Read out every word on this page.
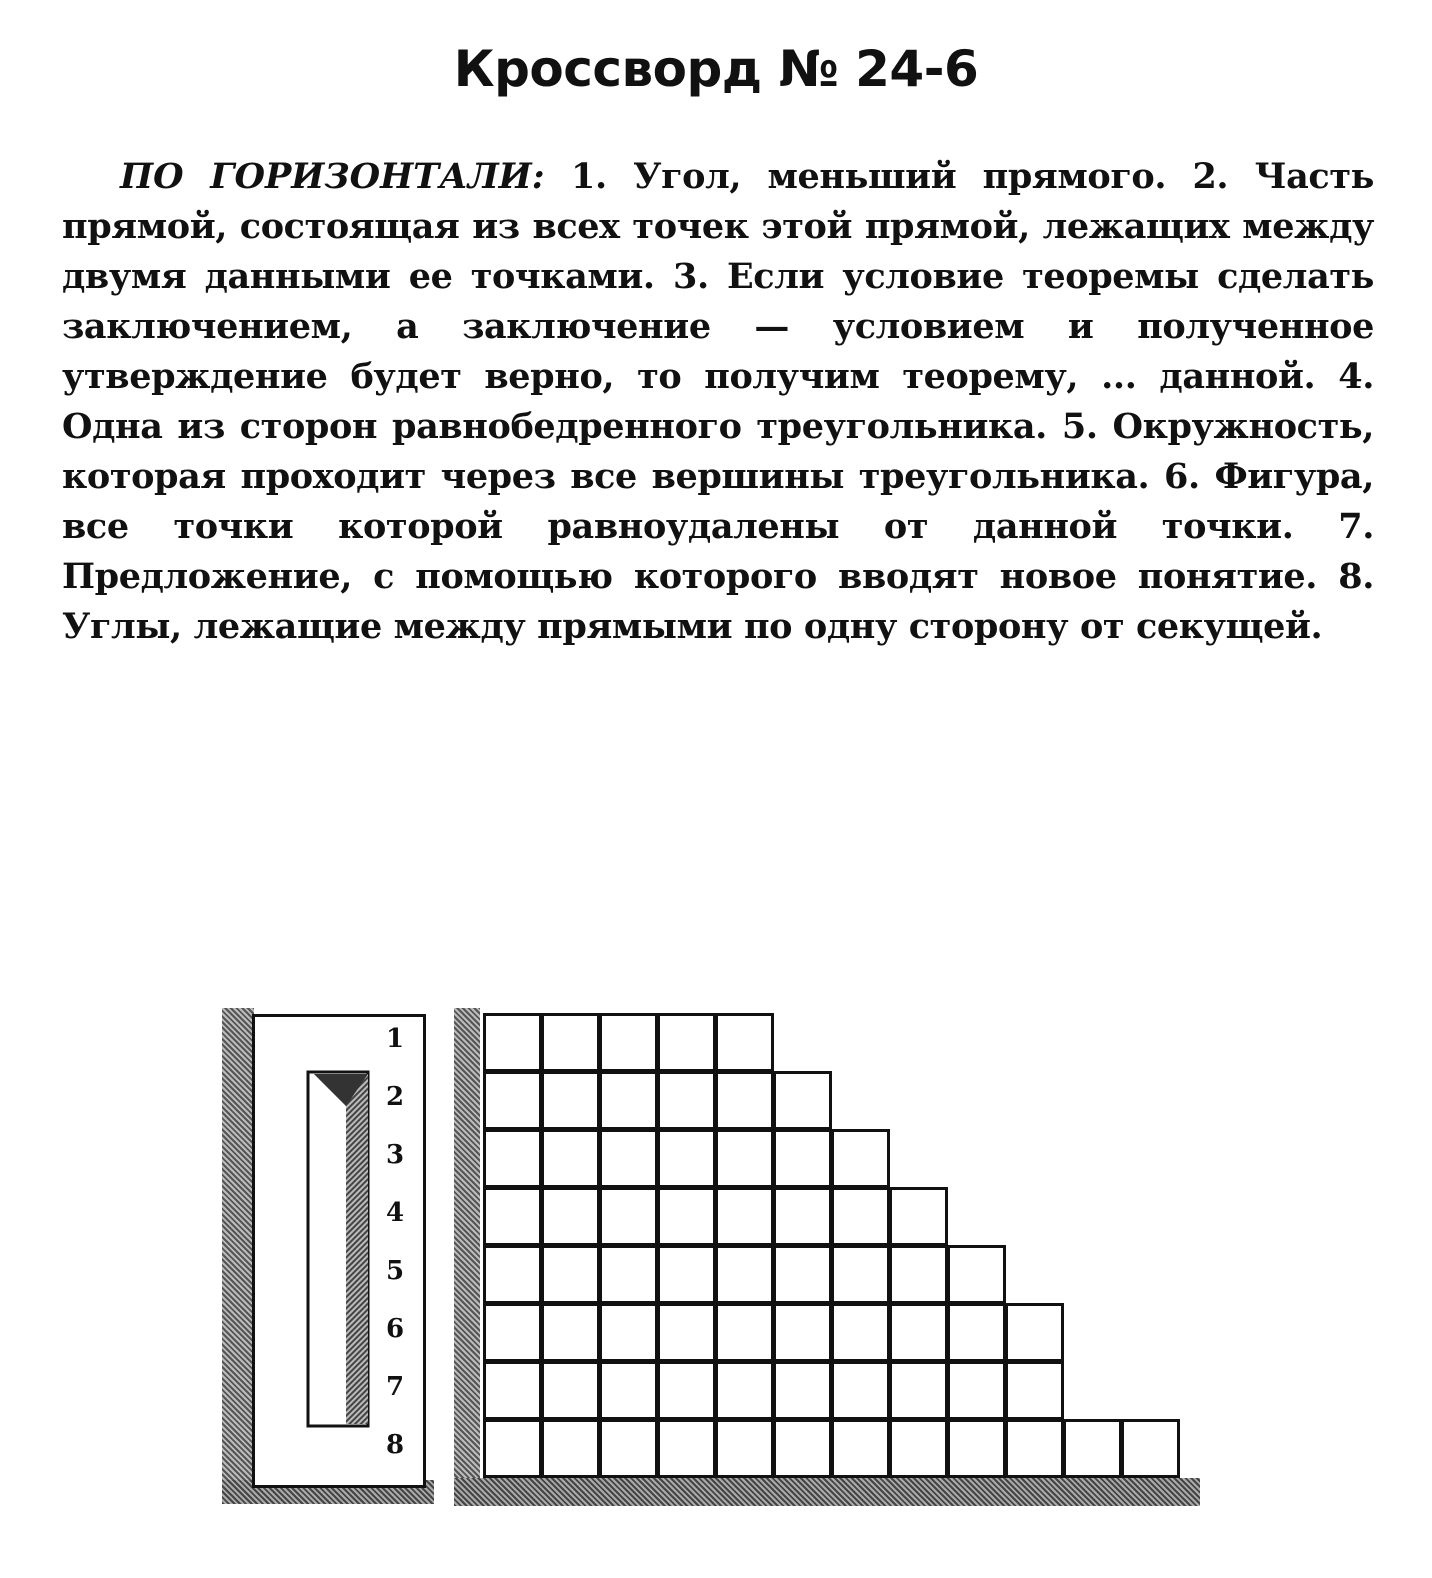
Кроссворд № 24-6

ПО ГОРИЗОНТАЛИ: 1. Угол, меньший прямого. 2. Часть прямой, состоящая из всех точек этой прямой, лежащих между двумя данными ее точками. 3. Если условие теоремы сделать заключением, а заключение — условием и полученное утверждение будет верно, то получим теорему, ... данной. 4. Одна из сторон равнобедренного треугольника. 5. Окружность, которая проходит через все вершины треугольника. 6. Фигура, все точки которой равноудалены от данной точки. 7. Предложение, с помощью которого вводят новое понятие. 8. Углы, лежащие между прямыми по одну сторону от секущей.

1
2
3
4
5
6
7
8
